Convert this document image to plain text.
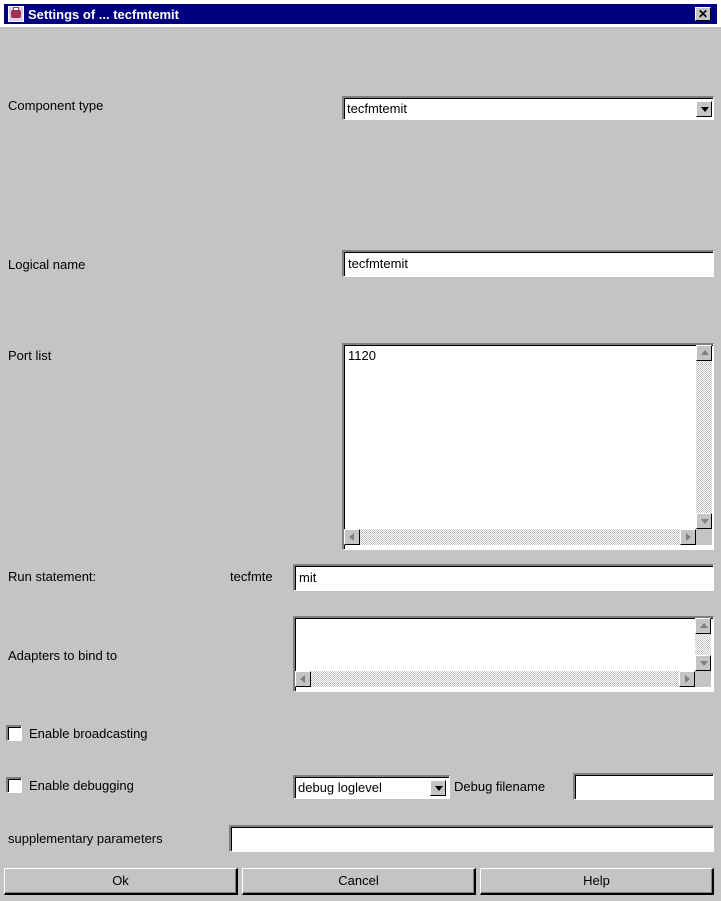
Settings of ... tecfmtemit	✕
Component type	tecfmtemit
Logical name	tecfmtemit
Port list	1120
Run statement:	tecfmte mit
Adapters to bind to
Enable broadcasting
Enable debugging	debug loglevel	Debug filename
supplementary parameters
Ok	Cancel	Help
